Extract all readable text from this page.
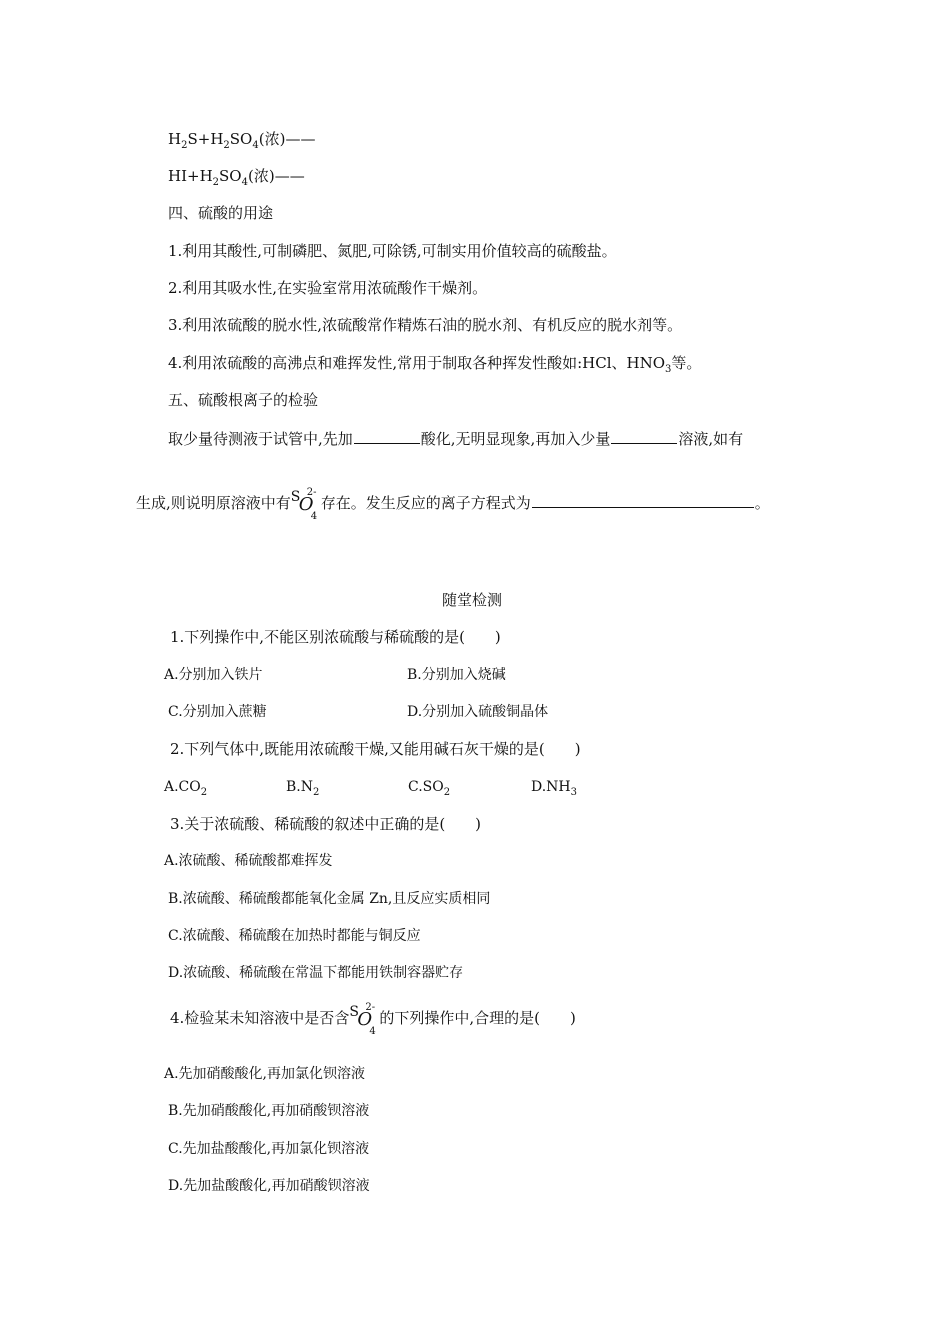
$H_2S+H_2SO_4$(浓)——
$HI+H_2SO_4$(浓)——
四、硫酸的用途
1.利用其酸性,可制磷肥、氮肥,可除锈,可制实用价值较高的硫酸盐。
2.利用其吸水性,在实验室常用浓硫酸作干燥剂。
3.利用浓硫酸的脱水性,浓硫酸常作精炼石油的脱水剂、有机反应的脱水剂等。
4.利用浓硫酸的高沸点和难挥发性,常用于制取各种挥发性酸如:HCl、$HNO_3$等。
五、硫酸根离子的检验
取少量待测液于试管中,先加	酸化,无明显现象,再加入少量	溶液,如有
生成,则说明原溶液中有 S
O
4
2-
存在。发生反应的离子方程式为	。
随堂检测
1.下列操作中,不能区别浓硫酸与稀硫酸的是(　　)
A.分别加入铁片	B.分别加入烧碱
C.分别加入蔗糖	D.分别加入硫酸铜晶体
2.下列气体中,既能用浓硫酸干燥,又能用碱石灰干燥的是(　　)
$A.CO_2$	$B.N_2$	$C.SO_2$	$D.NH_3$
3.关于浓硫酸、稀硫酸的叙述中正确的是(　　)
A.浓硫酸、稀硫酸都难挥发
B.浓硫酸、稀硫酸都能氧化金属 Zn,且反应实质相同
C.浓硫酸、稀硫酸在加热时都能与铜反应
D.浓硫酸、稀硫酸在常温下都能用铁制容器贮存
4.检验某未知溶液中是否含 S
O
4
2-
的下列操作中,合理的是(　　)
A.先加硝酸酸化,再加氯化钡溶液
B.先加硝酸酸化,再加硝酸钡溶液
C.先加盐酸酸化,再加氯化钡溶液
D.先加盐酸酸化,再加硝酸钡溶液
